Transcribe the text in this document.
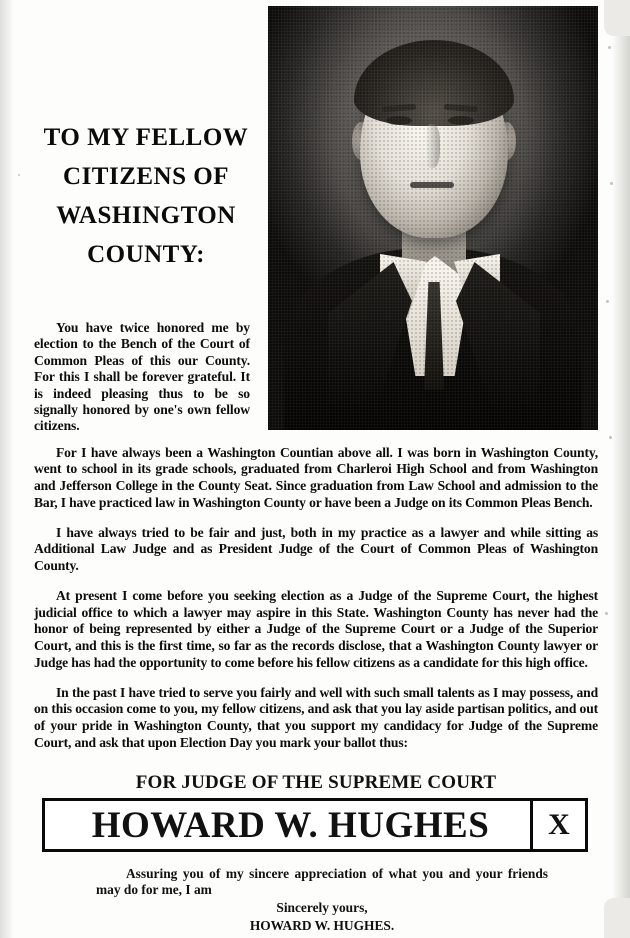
TO MY FELLOW
CITIZENS OF
WASHINGTON
COUNTY:

You have twice honored me by election to the Bench of the Court of Common Pleas of this our County. For this I shall be forever grateful. It is indeed pleasing thus to be so signally honored by one's own fellow citizens.

For I have always been a Washington Countian above all. I was born in Washington County, went to school in its grade schools, graduated from Charleroi High School and from Washington and Jefferson College in the County Seat. Since graduation from Law School and admission to the Bar, I have practiced law in Washington County or have been a Judge on its Common Pleas Bench.

I have always tried to be fair and just, both in my practice as a lawyer and while sitting as Additional Law Judge and as President Judge of the Court of Common Pleas of Washington County.

At present I come before you seeking election as a Judge of the Supreme Court, the highest judicial office to which a lawyer may aspire in this State. Washington County has never had the honor of being represented by either a Judge of the Supreme Court or a Judge of the Superior Court, and this is the first time, so far as the records disclose, that a Washington County lawyer or Judge has had the opportunity to come before his fellow citizens as a candidate for this high office.

In the past I have tried to serve you fairly and well with such small talents as I may possess, and on this occasion come to you, my fellow citizens, and ask that you lay aside partisan politics, and out of your pride in Washington County, that you support my candidacy for Judge of the Supreme Court, and ask that upon Election Day you mark your ballot thus:

FOR JUDGE OF THE SUPREME COURT
HOWARD W. HUGHES	X
Assuring you of my sincere appreciation of what you and your friends may do for me, I am
Sincerely yours,
HOWARD W. HUGHES.
